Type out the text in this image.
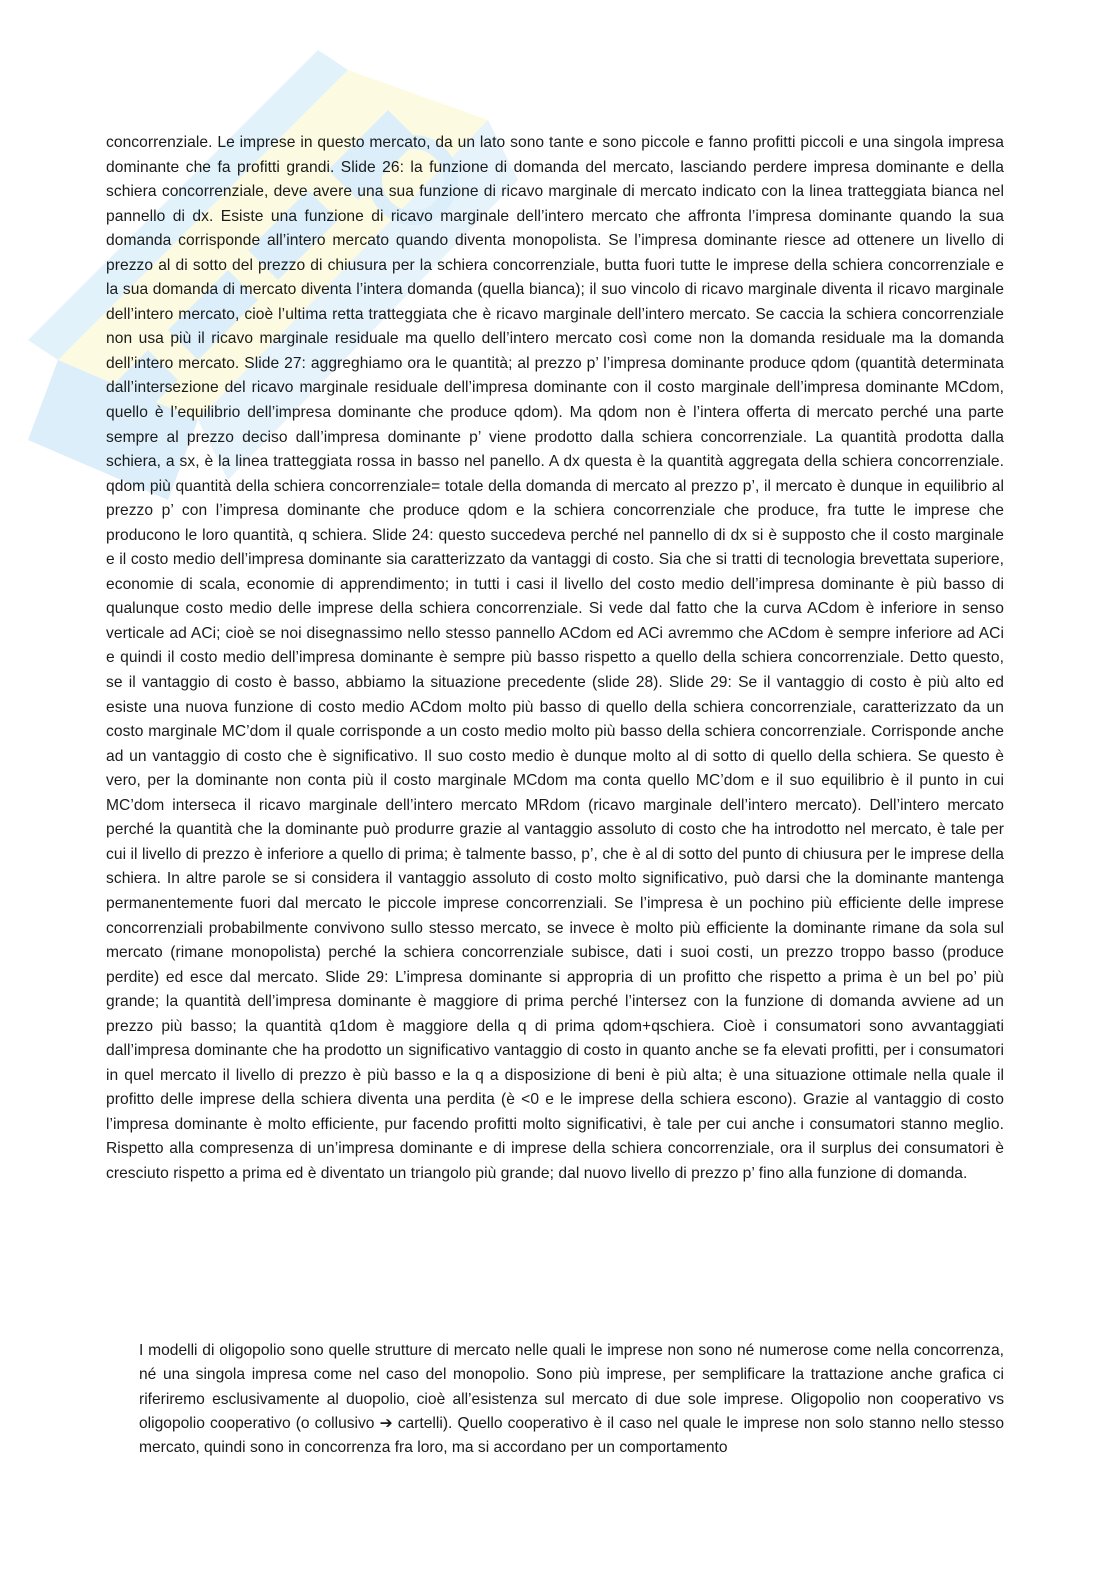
concorrenziale. Le imprese in questo mercato, da un lato sono tante e sono piccole e fanno profitti piccoli e una singola impresa dominante che fa profitti grandi. Slide 26: la funzione di domanda del mercato, lasciando perdere impresa dominante e della schiera concorrenziale, deve avere una sua funzione di ricavo marginale di mercato indicato con la linea tratteggiata bianca nel pannello di dx. Esiste una funzione di ricavo marginale dell’intero mercato che affronta l’impresa dominante quando la sua domanda corrisponde all’intero mercato quando diventa monopolista. Se l’impresa dominante riesce ad ottenere un livello di prezzo al di sotto del prezzo di chiusura per la schiera concorrenziale, butta fuori tutte le imprese della schiera concorrenziale e la sua domanda di mercato diventa l’intera domanda (quella bianca); il suo vincolo di ricavo marginale diventa il ricavo marginale dell’intero mercato, cioè l’ultima retta tratteggiata che è ricavo marginale dell’intero mercato. Se caccia la schiera concorrenziale non usa più il ricavo marginale residuale ma quello dell’intero mercato così come non la domanda residuale ma la domanda dell’intero mercato. Slide 27: aggreghiamo ora le quantità; al prezzo p’ l’impresa dominante produce qdom (quantità determinata dall’intersezione del ricavo marginale residuale dell’impresa dominante con il costo marginale dell’impresa dominante MCdom, quello è l’equilibrio dell’impresa dominante che produce qdom). Ma qdom non è l’intera offerta di mercato perché una parte sempre al prezzo deciso dall’impresa dominante p’ viene prodotto dalla schiera concorrenziale. La quantità prodotta dalla schiera, a sx, è la linea tratteggiata rossa in basso nel panello. A dx questa è la quantità aggregata della schiera concorrenziale. qdom più quantità della schiera concorrenziale= totale della domanda di mercato al prezzo p’, il mercato è dunque in equilibrio al prezzo p’ con l’impresa dominante che produce qdom e la schiera concorrenziale che produce, fra tutte le imprese che producono le loro quantità, q schiera. Slide 24: questo succedeva perché nel pannello di dx si è supposto che il costo marginale e il costo medio dell’impresa dominante sia caratterizzato da vantaggi di costo. Sia che si tratti di tecnologia brevettata superiore, economie di scala, economie di apprendimento; in tutti i casi il livello del costo medio dell’impresa dominante è più basso di qualunque costo medio delle imprese della schiera concorrenziale. Si vede dal fatto che la curva ACdom è inferiore in senso verticale ad ACi; cioè se noi disegnassimo nello stesso pannello ACdom ed ACi avremmo che ACdom è sempre inferiore ad ACi e quindi il costo medio dell’impresa dominante è sempre più basso rispetto a quello della schiera concorrenziale. Detto questo, se il vantaggio di costo è basso, abbiamo la situazione precedente (slide 28). Slide 29: Se il vantaggio di costo è più alto ed esiste una nuova funzione di costo medio ACdom molto più basso di quello della schiera concorrenziale, caratterizzato da un costo marginale MC’dom il quale corrisponde a un costo medio molto più basso della schiera concorrenziale. Corrisponde anche ad un vantaggio di costo che è significativo. Il suo costo medio è dunque molto al di sotto di quello della schiera. Se questo è vero, per la dominante non conta più il costo marginale MCdom ma conta quello MC’dom e il suo equilibrio è il punto in cui MC’dom interseca il ricavo marginale dell’intero mercato MRdom (ricavo marginale dell’intero mercato). Dell’intero mercato perché la quantità che la dominante può produrre grazie al vantaggio assoluto di costo che ha introdotto nel mercato, è tale per cui il livello di prezzo è inferiore a quello di prima; è talmente basso, p’, che è al di sotto del punto di chiusura per le imprese della schiera. In altre parole se si considera il vantaggio assoluto di costo molto significativo, può darsi che la dominante mantenga permanentemente fuori dal mercato le piccole imprese concorrenziali. Se l’impresa è un pochino più efficiente delle imprese concorrenziali probabilmente convivono sullo stesso mercato, se invece è molto più efficiente la dominante rimane da sola sul mercato (rimane monopolista) perché la schiera concorrenziale subisce, dati i suoi costi, un prezzo troppo basso (produce perdite) ed esce dal mercato. Slide 29: L’impresa dominante si appropria di un profitto che rispetto a prima è un bel po’ più grande; la quantità dell’impresa dominante è maggiore di prima perché l’intersez con la funzione di domanda avviene ad un prezzo più basso; la quantità q1dom è maggiore della q di prima qdom+qschiera. Cioè i consumatori sono avvantaggiati dall’impresa dominante che ha prodotto un significativo vantaggio di costo in quanto anche se fa elevati profitti, per i consumatori in quel mercato il livello di prezzo è più basso e la q a disposizione di beni è più alta; è una situazione ottimale nella quale il profitto delle imprese della schiera diventa una perdita (è <0 e le imprese della schiera escono). Grazie al vantaggio di costo l’impresa dominante è molto efficiente, pur facendo profitti molto significativi, è tale per cui anche i consumatori stanno meglio. Rispetto alla compresenza di un’impresa dominante e di imprese della schiera concorrenziale, ora il surplus dei consumatori è cresciuto rispetto a prima ed è diventato un triangolo più grande; dal nuovo livello di prezzo p’ fino alla funzione di domanda.

I modelli di oligopolio sono quelle strutture di mercato nelle quali le imprese non sono né numerose come nella concorrenza, né una singola impresa come nel caso del monopolio. Sono più imprese, per semplificare la trattazione anche grafica ci riferiremo esclusivamente al duopolio, cioè all’esistenza sul mercato di due sole imprese. Oligopolio non cooperativo vs oligopolio cooperativo (o collusivo ➔ cartelli). Quello cooperativo è il caso nel quale le imprese non solo stanno nello stesso mercato, quindi sono in concorrenza fra loro, ma si accordano per un comportamento
